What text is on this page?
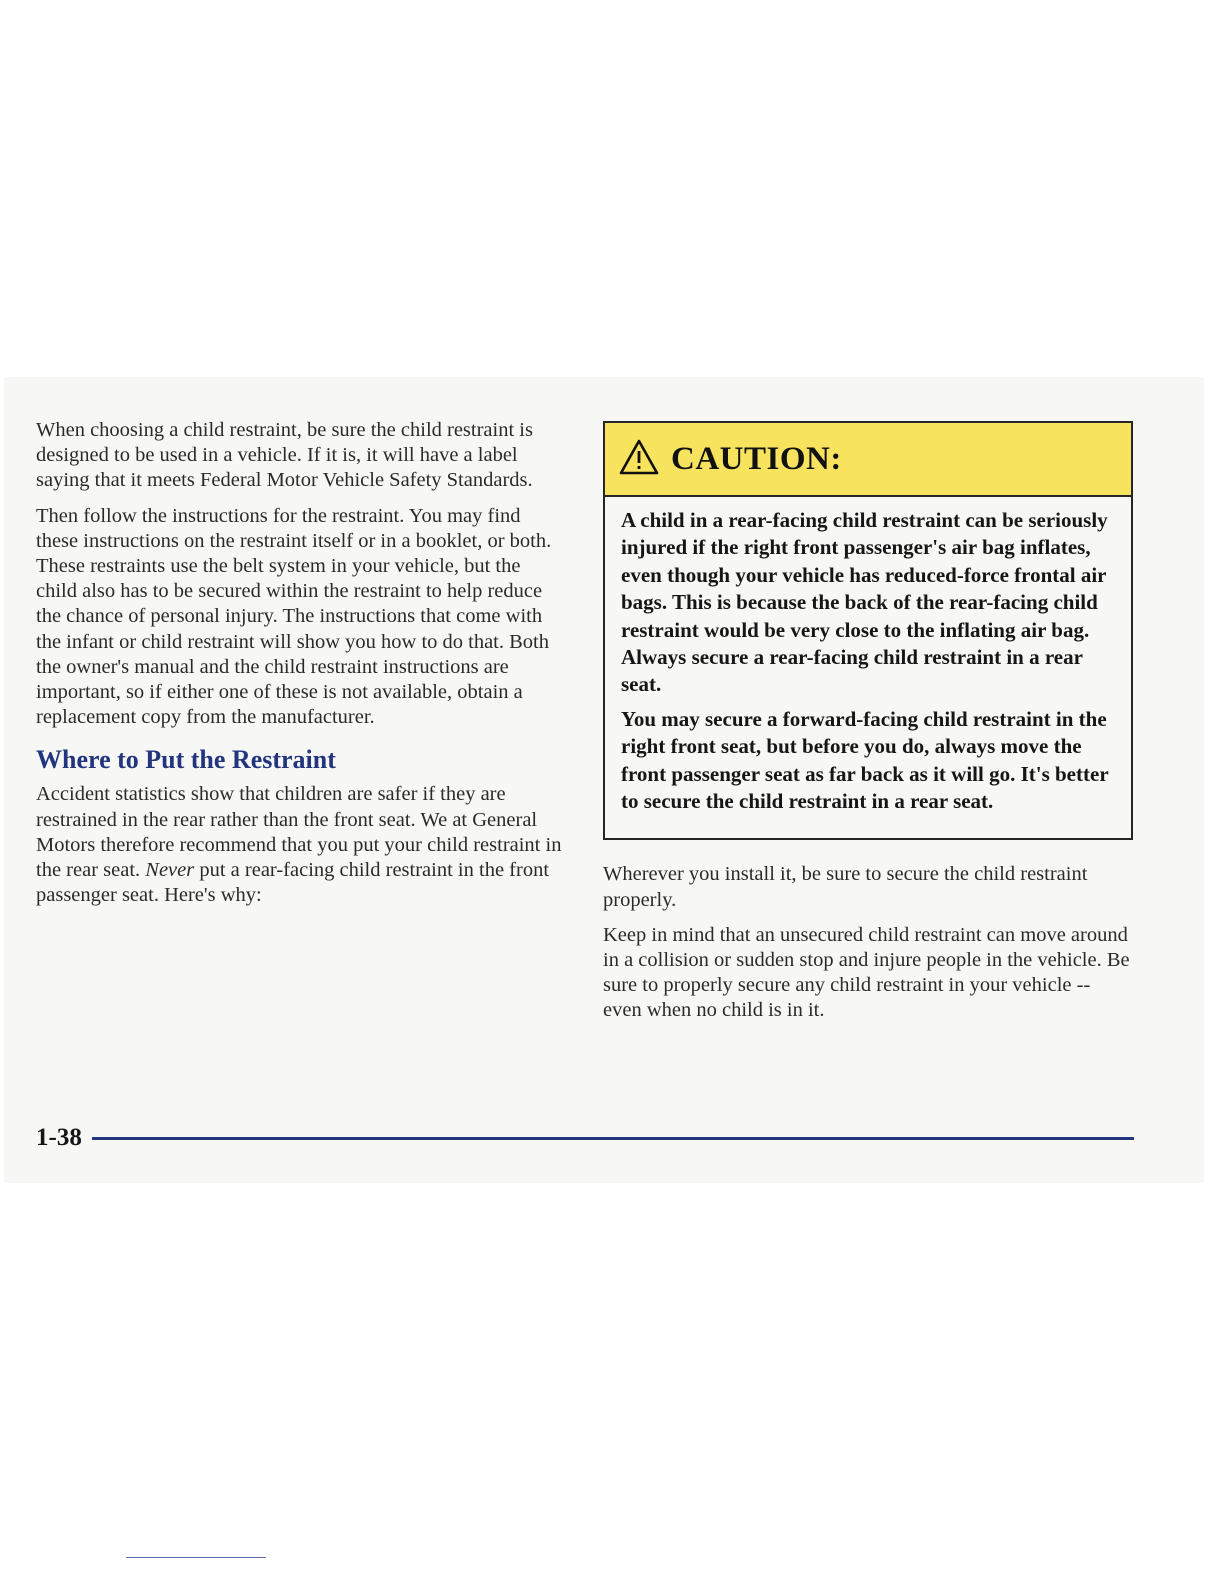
When choosing a child restraint, be sure the child restraint is designed to be used in a vehicle. If it is, it will have a label saying that it meets Federal Motor Vehicle Safety Standards.

Then follow the instructions for the restraint. You may find these instructions on the restraint itself or in a booklet, or both. These restraints use the belt system in your vehicle, but the child also has to be secured within the restraint to help reduce the chance of personal injury. The instructions that come with the infant or child restraint will show you how to do that. Both the owner's manual and the child restraint instructions are important, so if either one of these is not available, obtain a replacement copy from the manufacturer.

Where to Put the Restraint

Accident statistics show that children are safer if they are restrained in the rear rather than the front seat. We at General Motors therefore recommend that you put your child restraint in the rear seat. Never put a rear-facing child restraint in the front passenger seat. Here's why:

CAUTION:

A child in a rear-facing child restraint can be seriously injured if the right front passenger's air bag inflates, even though your vehicle has reduced-force frontal air bags. This is because the back of the rear-facing child restraint would be very close to the inflating air bag. Always secure a rear-facing child restraint in a rear seat.

You may secure a forward-facing child restraint in the right front seat, but before you do, always move the front passenger seat as far back as it will go. It's better to secure the child restraint in a rear seat.

Wherever you install it, be sure to secure the child restraint properly.

Keep in mind that an unsecured child restraint can move around in a collision or sudden stop and injure people in the vehicle. Be sure to properly secure any child restraint in your vehicle -- even when no child is in it.

1-38
